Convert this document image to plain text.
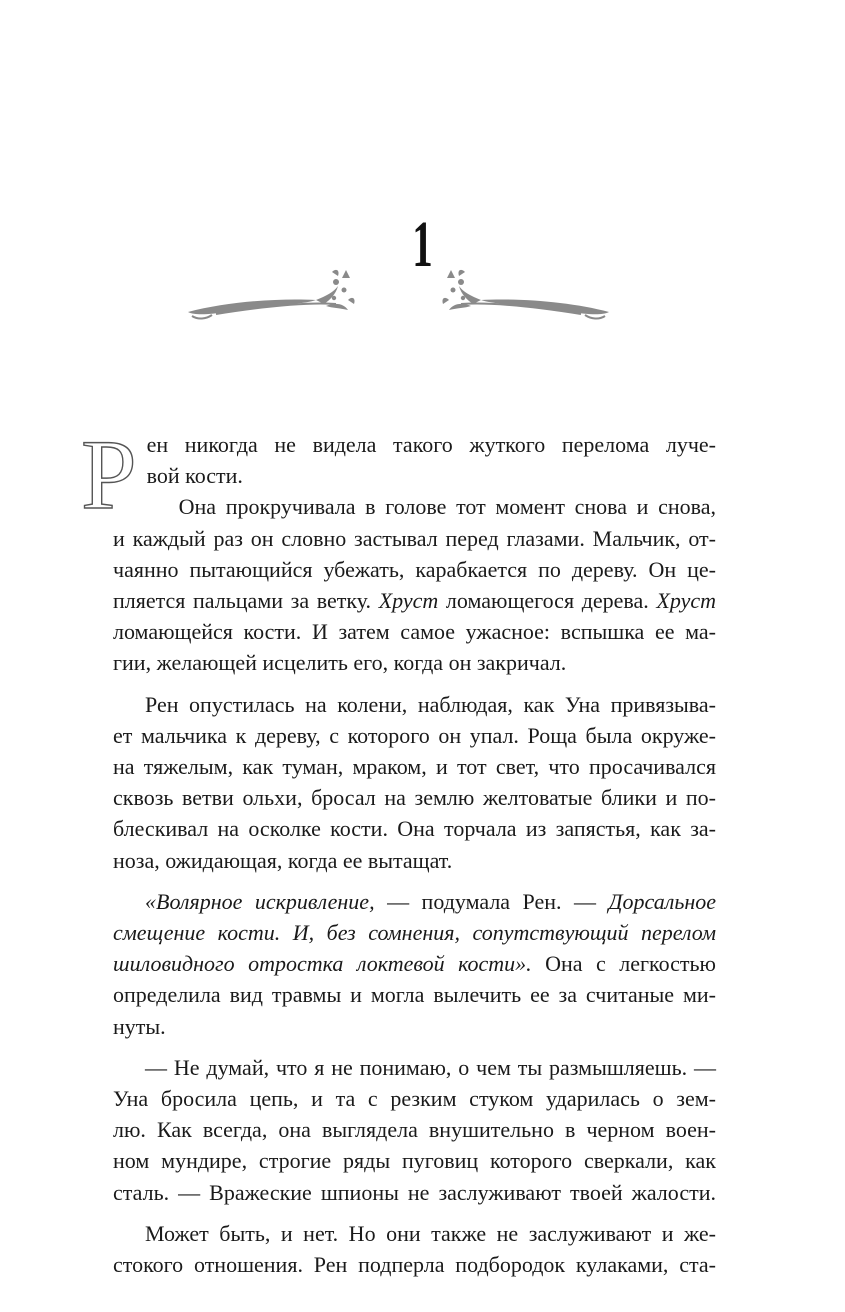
1

Р ен никогда не видела такого жуткого перелома луче-
вой кости.

Она прокручивала в голове тот момент снова и снова,
и каждый раз он словно застывал перед глазами. Мальчик, от-
чаянно пытающийся убежать, карабкается по дереву. Он це-
пляется пальцами за ветку. Хруст ломающегося дерева. Хруст
ломающейся кости. И затем самое ужасное: вспышка ее ма-
гии, желающей исцелить его, когда он закричал.

Рен опустилась на колени, наблюдая, как Уна привязыва-
ет мальчика к дереву, с которого он упал. Роща была окруже-
на тяжелым, как туман, мраком, и тот свет, что просачивался
сквозь ветви ольхи, бросал на землю желтоватые блики и по-
блескивал на осколке кости. Она торчала из запястья, как за-
ноза, ожидающая, когда ее вытащат.

«Волярное искривление, — подумала Рен. — Дорсальное
смещение кости. И, без сомнения, сопутствующий перелом
шиловидного отростка локтевой кости». Она с легкостью
определила вид травмы и могла вылечить ее за считаные ми-
нуты.

— Не думай, что я не понимаю, о чем ты размышляешь. —
Уна бросила цепь, и та с резким стуком ударилась о зем-
лю. Как всегда, она выглядела внушительно в черном воен-
ном мундире, строгие ряды пуговиц которого сверкали, как
сталь. — Вражеские шпионы не заслуживают твоей жалости.

Может быть, и нет. Но они также не заслуживают и же-
стокого отношения. Рен подперла подбородок кулаками, ста-
